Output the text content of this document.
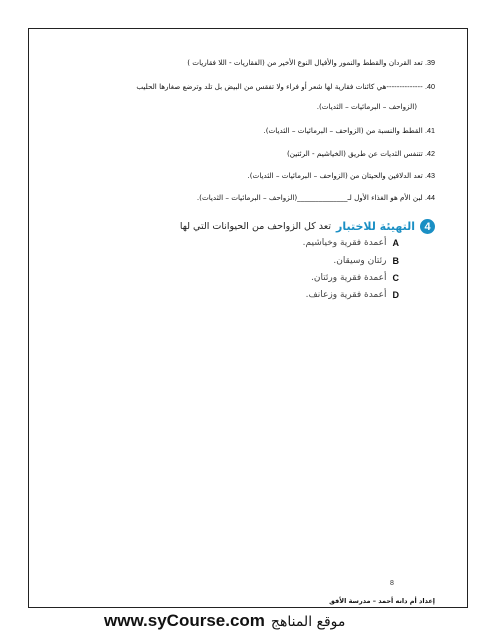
39. تعد القردان والقطط والنمور والأفيال النوع الأخير من (الفقاريات - اللا فقاريات )
40. --------------هي كائنات فقارية لها شعر أو فراء ولا تفقس من البيض بل تلد وترضع صغارها الحليب
(الزواحف – البرمائيات – الثديات).
41. القطط والنسبة من (الزواحف – البرمائيات – الثديات).
42. تتنفس الثديات عن طريق (الخياشيم - الرئتين)
43. تعد الدلافين والحيتان من (الزواحف – البرمائيات – الثديات).
44. لبن الأم هو الغذاء الأول لـ______________(الزواحف – البرمائيات – الثديات).
4
التهيئة للاختبار
تعد كل الزواحف من الحيوانات التي لها
A
أعمدة فقرية وخياشيم.
B
رئتان وسيقان.
C
أعمدة فقرية ورئتان.
D
أعمدة فقرية وزعانف.
8
إعداد أم دانه أحمد – مدرسة الأفق
www.syCourse.com موقع المناهج
